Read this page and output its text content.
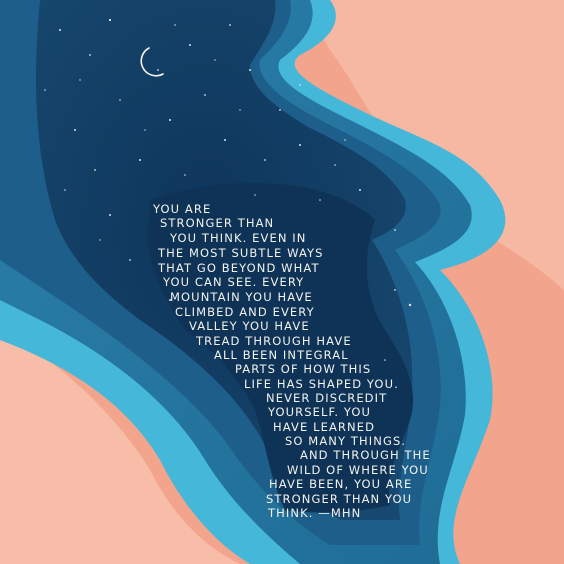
YOU ARE
STRONGER THAN
YOU THINK. EVEN IN
THE MOST SUBTLE WAYS
THAT GO BEYOND WHAT
YOU CAN SEE. EVERY
MOUNTAIN YOU HAVE
CLIMBED AND EVERY
VALLEY YOU HAVE
TREAD THROUGH HAVE
ALL BEEN INTEGRAL
PARTS OF HOW THIS
LIFE HAS SHAPED YOU.
NEVER DISCREDIT
YOURSELF. YOU
HAVE LEARNED
SO MANY THINGS.
AND THROUGH THE
WILD OF WHERE YOU
HAVE BEEN, YOU ARE
STRONGER THAN YOU
THINK. —MHN
